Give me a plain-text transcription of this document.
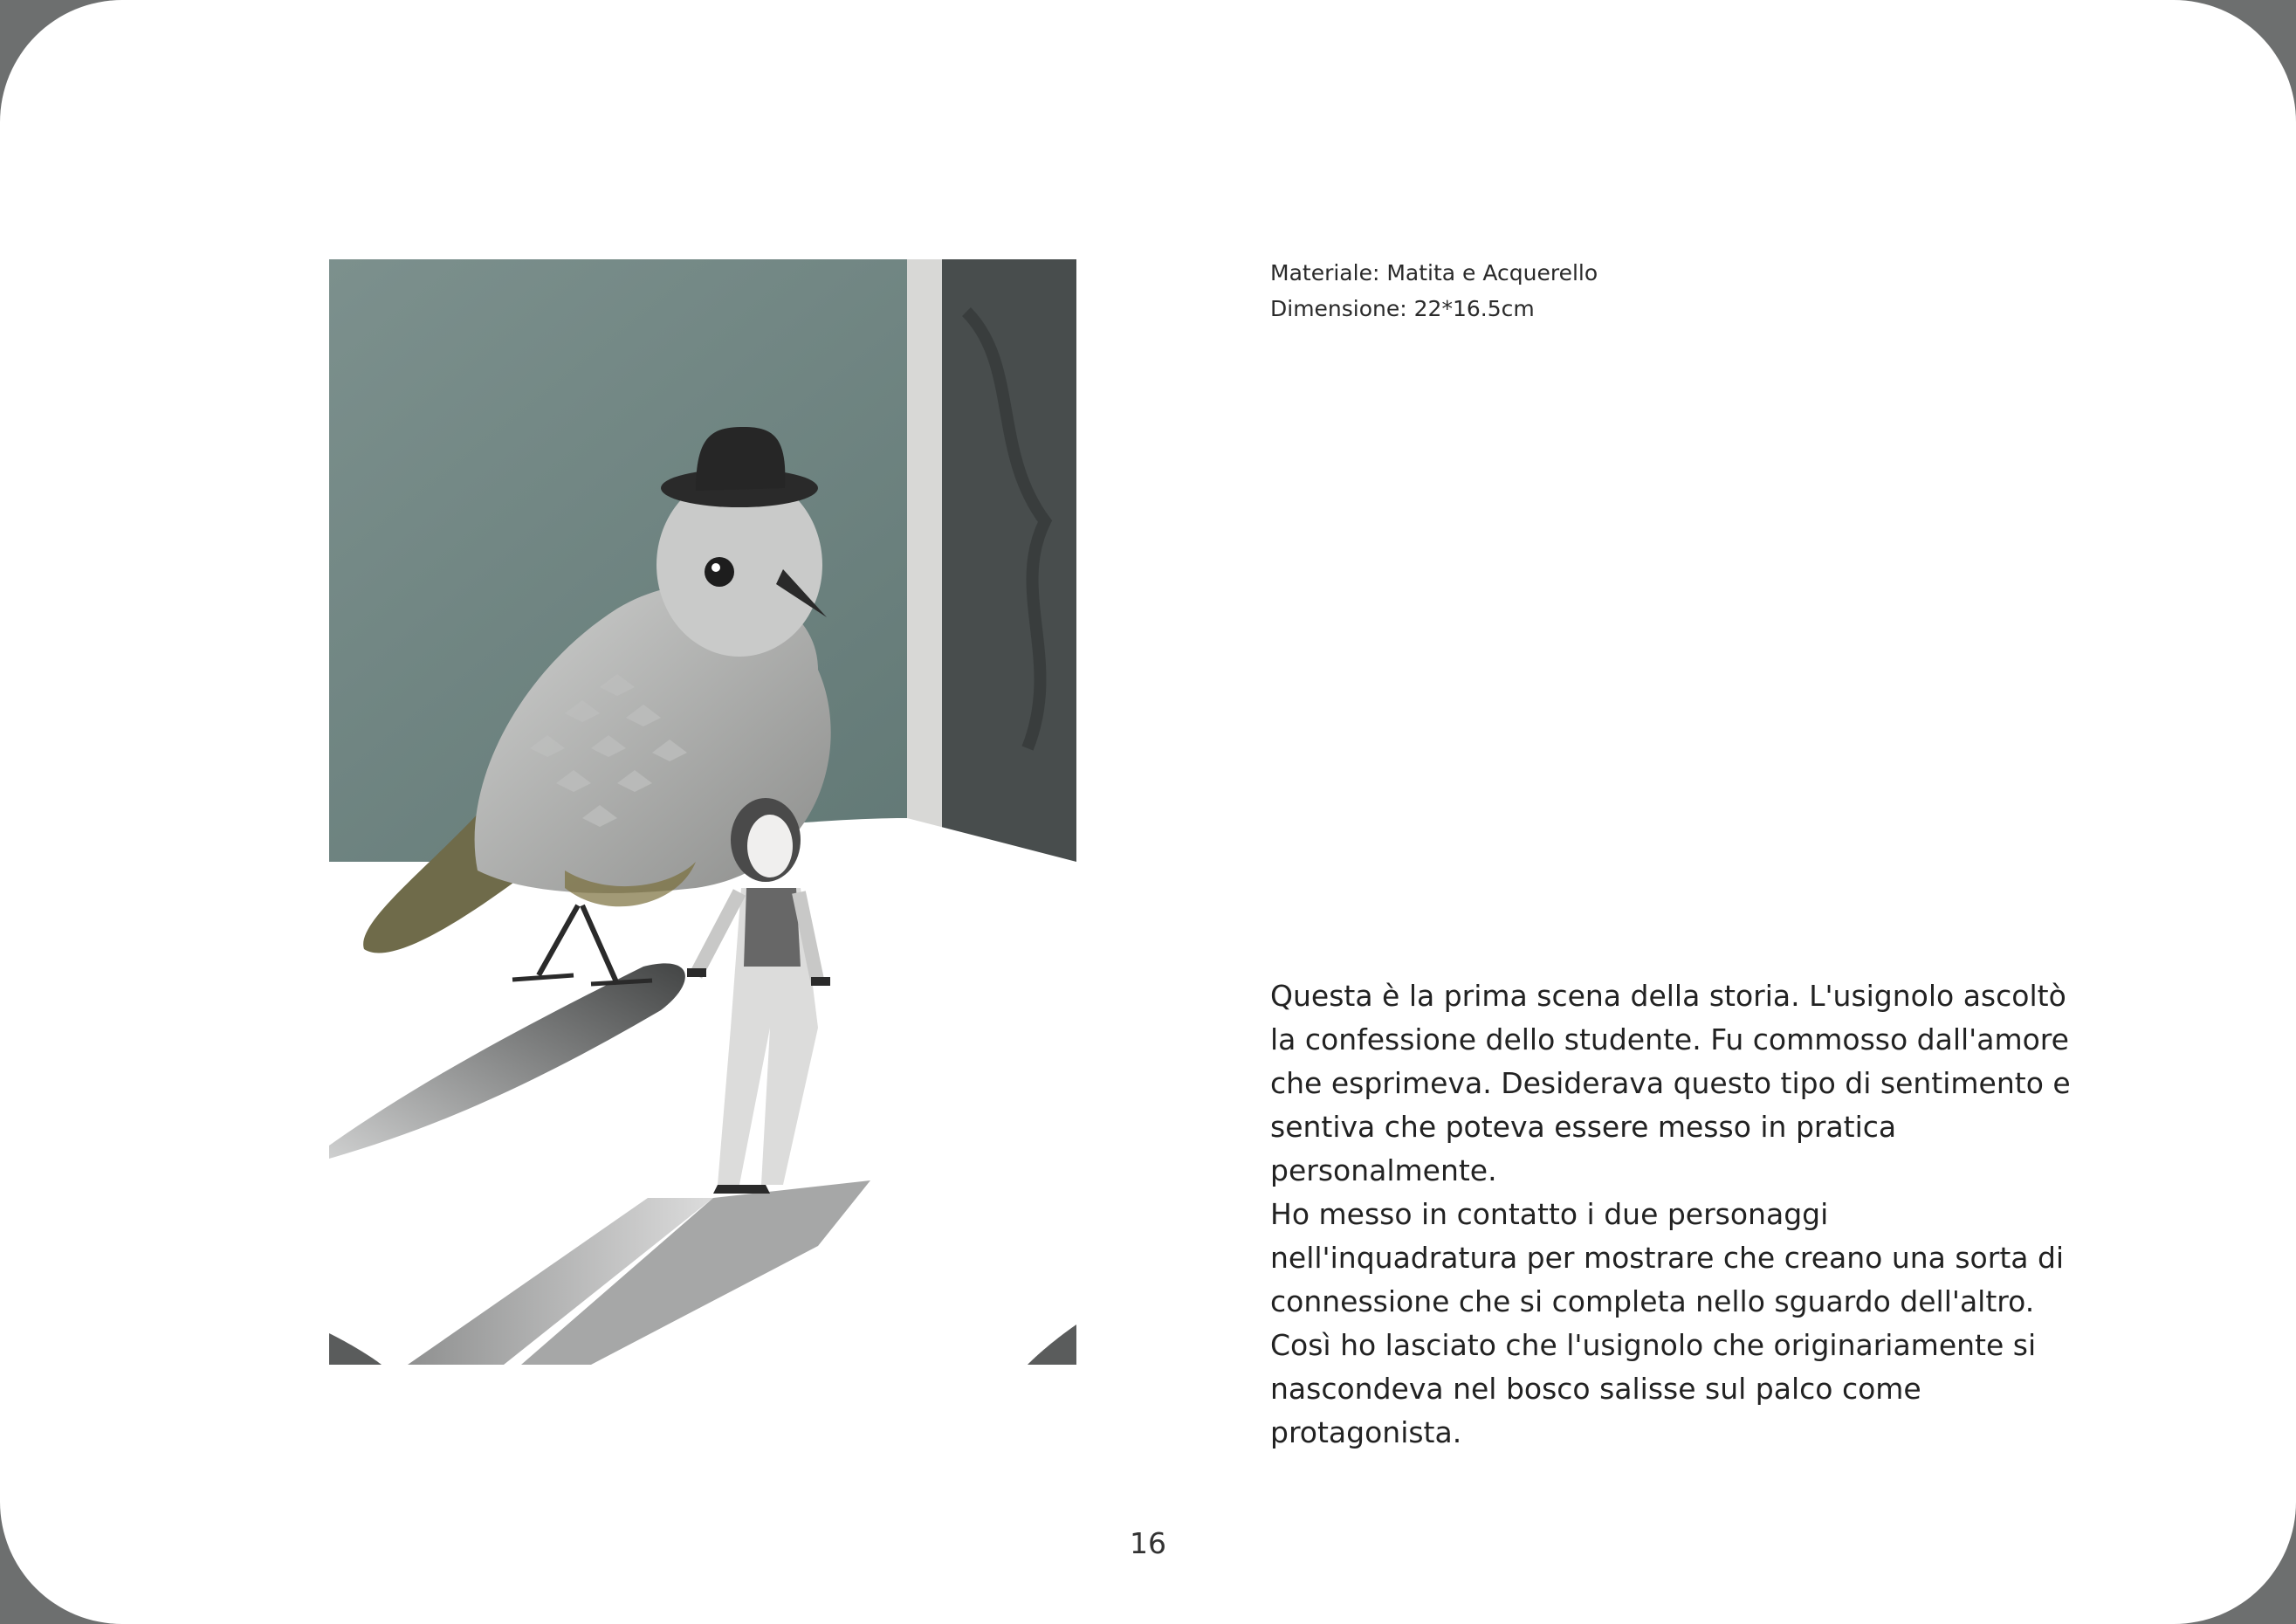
Materiale: Matita e Acquerello
Dimensione: 22*16.5cm

Questa è la prima scena della storia. L'usignolo ascoltò la confessione dello studente. Fu commosso dall'amore che esprimeva. Desiderava questo tipo di sentimento e sentiva che poteva essere messo in pratica personalmente.

Ho messo in contatto i due personaggi nell'inquadratura per mostrare che creano una sorta di connessione che si completa nello sguardo dell'altro. Così ho lasciato che l'usignolo che originariamente si nascondeva nel bosco salisse sul palco come protagonista.

16
